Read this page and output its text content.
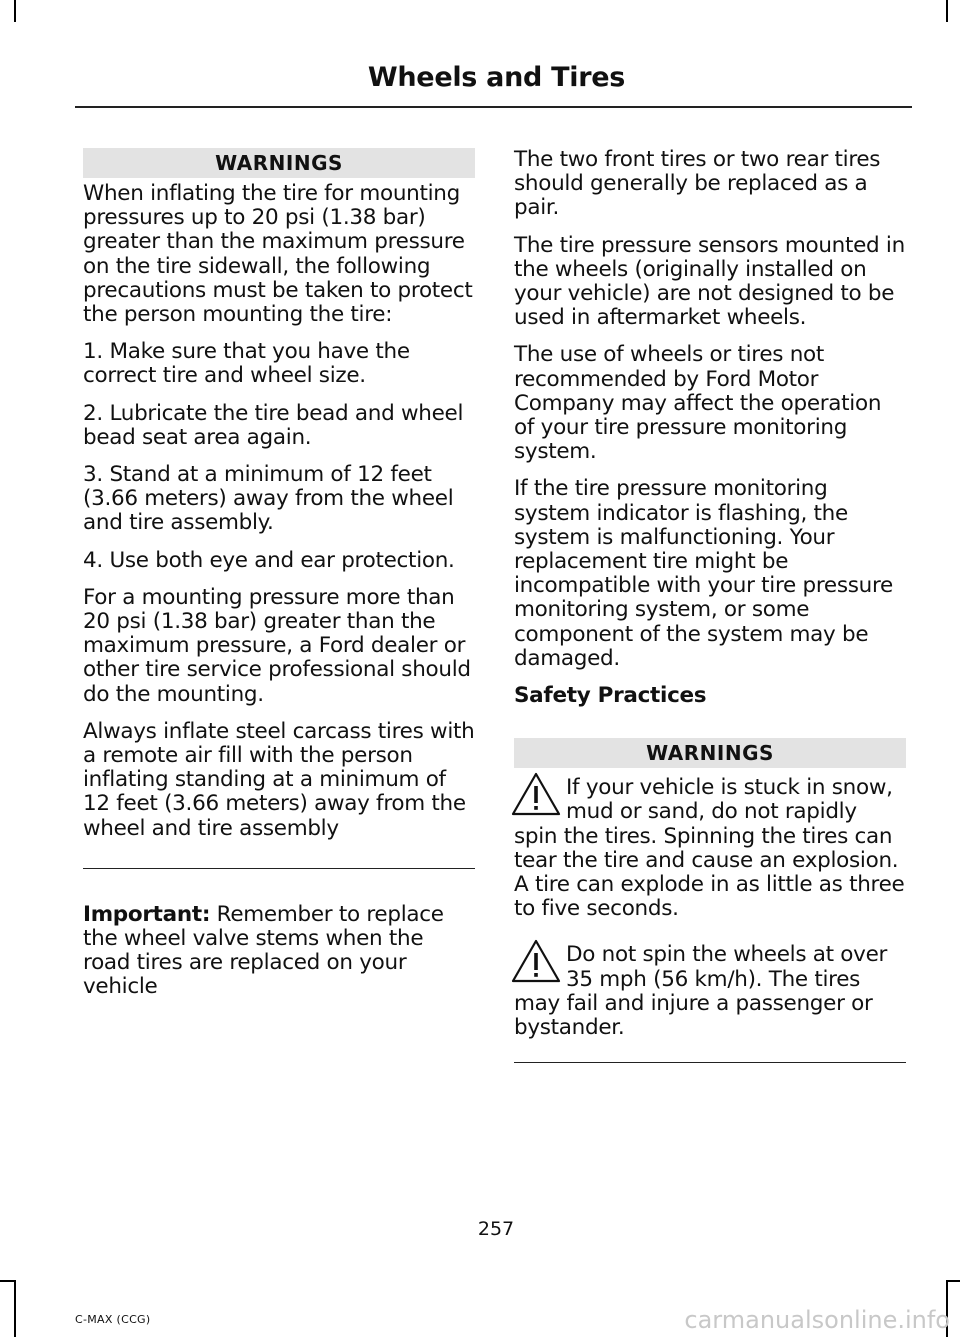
Wheels and Tires
WARNINGS

When inflating the tire for mounting pressures up to 20 psi (1.38 bar) greater than the maximum pressure on the tire sidewall, the following precautions must be taken to protect the person mounting the tire:

1. Make sure that you have the correct tire and wheel size.

2. Lubricate the tire bead and wheel bead seat area again.

3. Stand at a minimum of 12 feet (3.66 meters) away from the wheel and tire assembly.

4. Use both eye and ear protection.

For a mounting pressure more than 20 psi (1.38 bar) greater than the maximum pressure, a Ford dealer or other tire service professional should do the mounting.

Always inflate steel carcass tires with a remote air fill with the person inflating standing at a minimum of 12 feet (3.66 meters) away from the wheel and tire assembly

Important: Remember to replace the wheel valve stems when the road tires are replaced on your vehicle

The two front tires or two rear tires should generally be replaced as a pair.

The tire pressure sensors mounted in the wheels (originally installed on your vehicle) are not designed to be used in aftermarket wheels.

The use of wheels or tires not recommended by Ford Motor Company may affect the operation of your tire pressure monitoring system.

If the tire pressure monitoring system indicator is flashing, the system is malfunctioning. Your replacement tire might be incompatible with your tire pressure monitoring system, or some component of the system may be damaged.

Safety Practices
WARNINGS
If your vehicle is stuck in snow, mud or sand, do not rapidly spin the tires. Spinning the tires can tear the tire and cause an explosion. A tire can explode in as little as three to five seconds.
Do not spin the wheels at over 35 mph (56 km/h). The tires may fail and injure a passenger or bystander.
257
C-MAX (CCG)	carmanualsonline.info
